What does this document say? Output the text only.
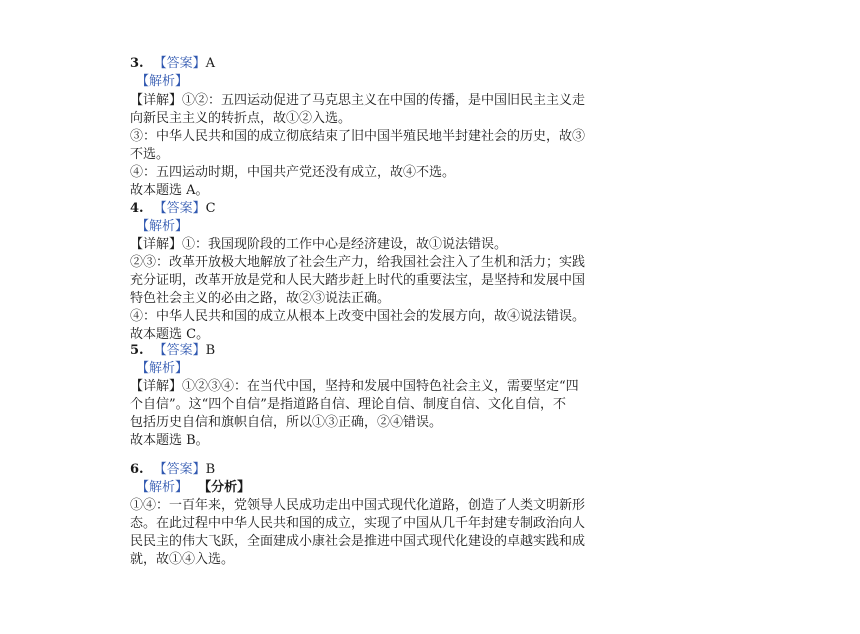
3. 【答案】A
【解析】
【详解】①②：五四运动促进了马克思主义在中国的传播，是中国旧民主主义走
向新民主主义的转折点，故①②入选。
③：中华人民共和国的成立彻底结束了旧中国半殖民地半封建社会的历史，故③
不选。
④：五四运动时期，中国共产党还没有成立，故④不选。
故本题选 A。
4. 【答案】C
【解析】
【详解】①：我国现阶段的工作中心是经济建设，故①说法错误。
②③：改革开放极大地解放了社会生产力，给我国社会注入了生机和活力；实践
充分证明，改革开放是党和人民大踏步赶上时代的重要法宝，是坚持和发展中国
特色社会主义的必由之路，故②③说法正确。
④：中华人民共和国的成立从根本上改变中国社会的发展方向，故④说法错误。
故本题选 C。
5. 【答案】B
【解析】
【详解】①②③④：在当代中国，坚持和发展中国特色社会主义，需要坚定“四
个自信”。这“四个自信”是指道路自信、理论自信、制度自信、文化自信，不
包括历史自信和旗帜自信，所以①③正确，②④错误。
故本题选 B。
6. 【答案】B
【解析】 【分析】
①④：一百年来，党领导人民成功走出中国式现代化道路，创造了人类文明新形
态。在此过程中中华人民共和国的成立，实现了中国从几千年封建专制政治向人
民民主的伟大飞跃，全面建成小康社会是推进中国式现代化建设的卓越实践和成
就，故①④入选。
